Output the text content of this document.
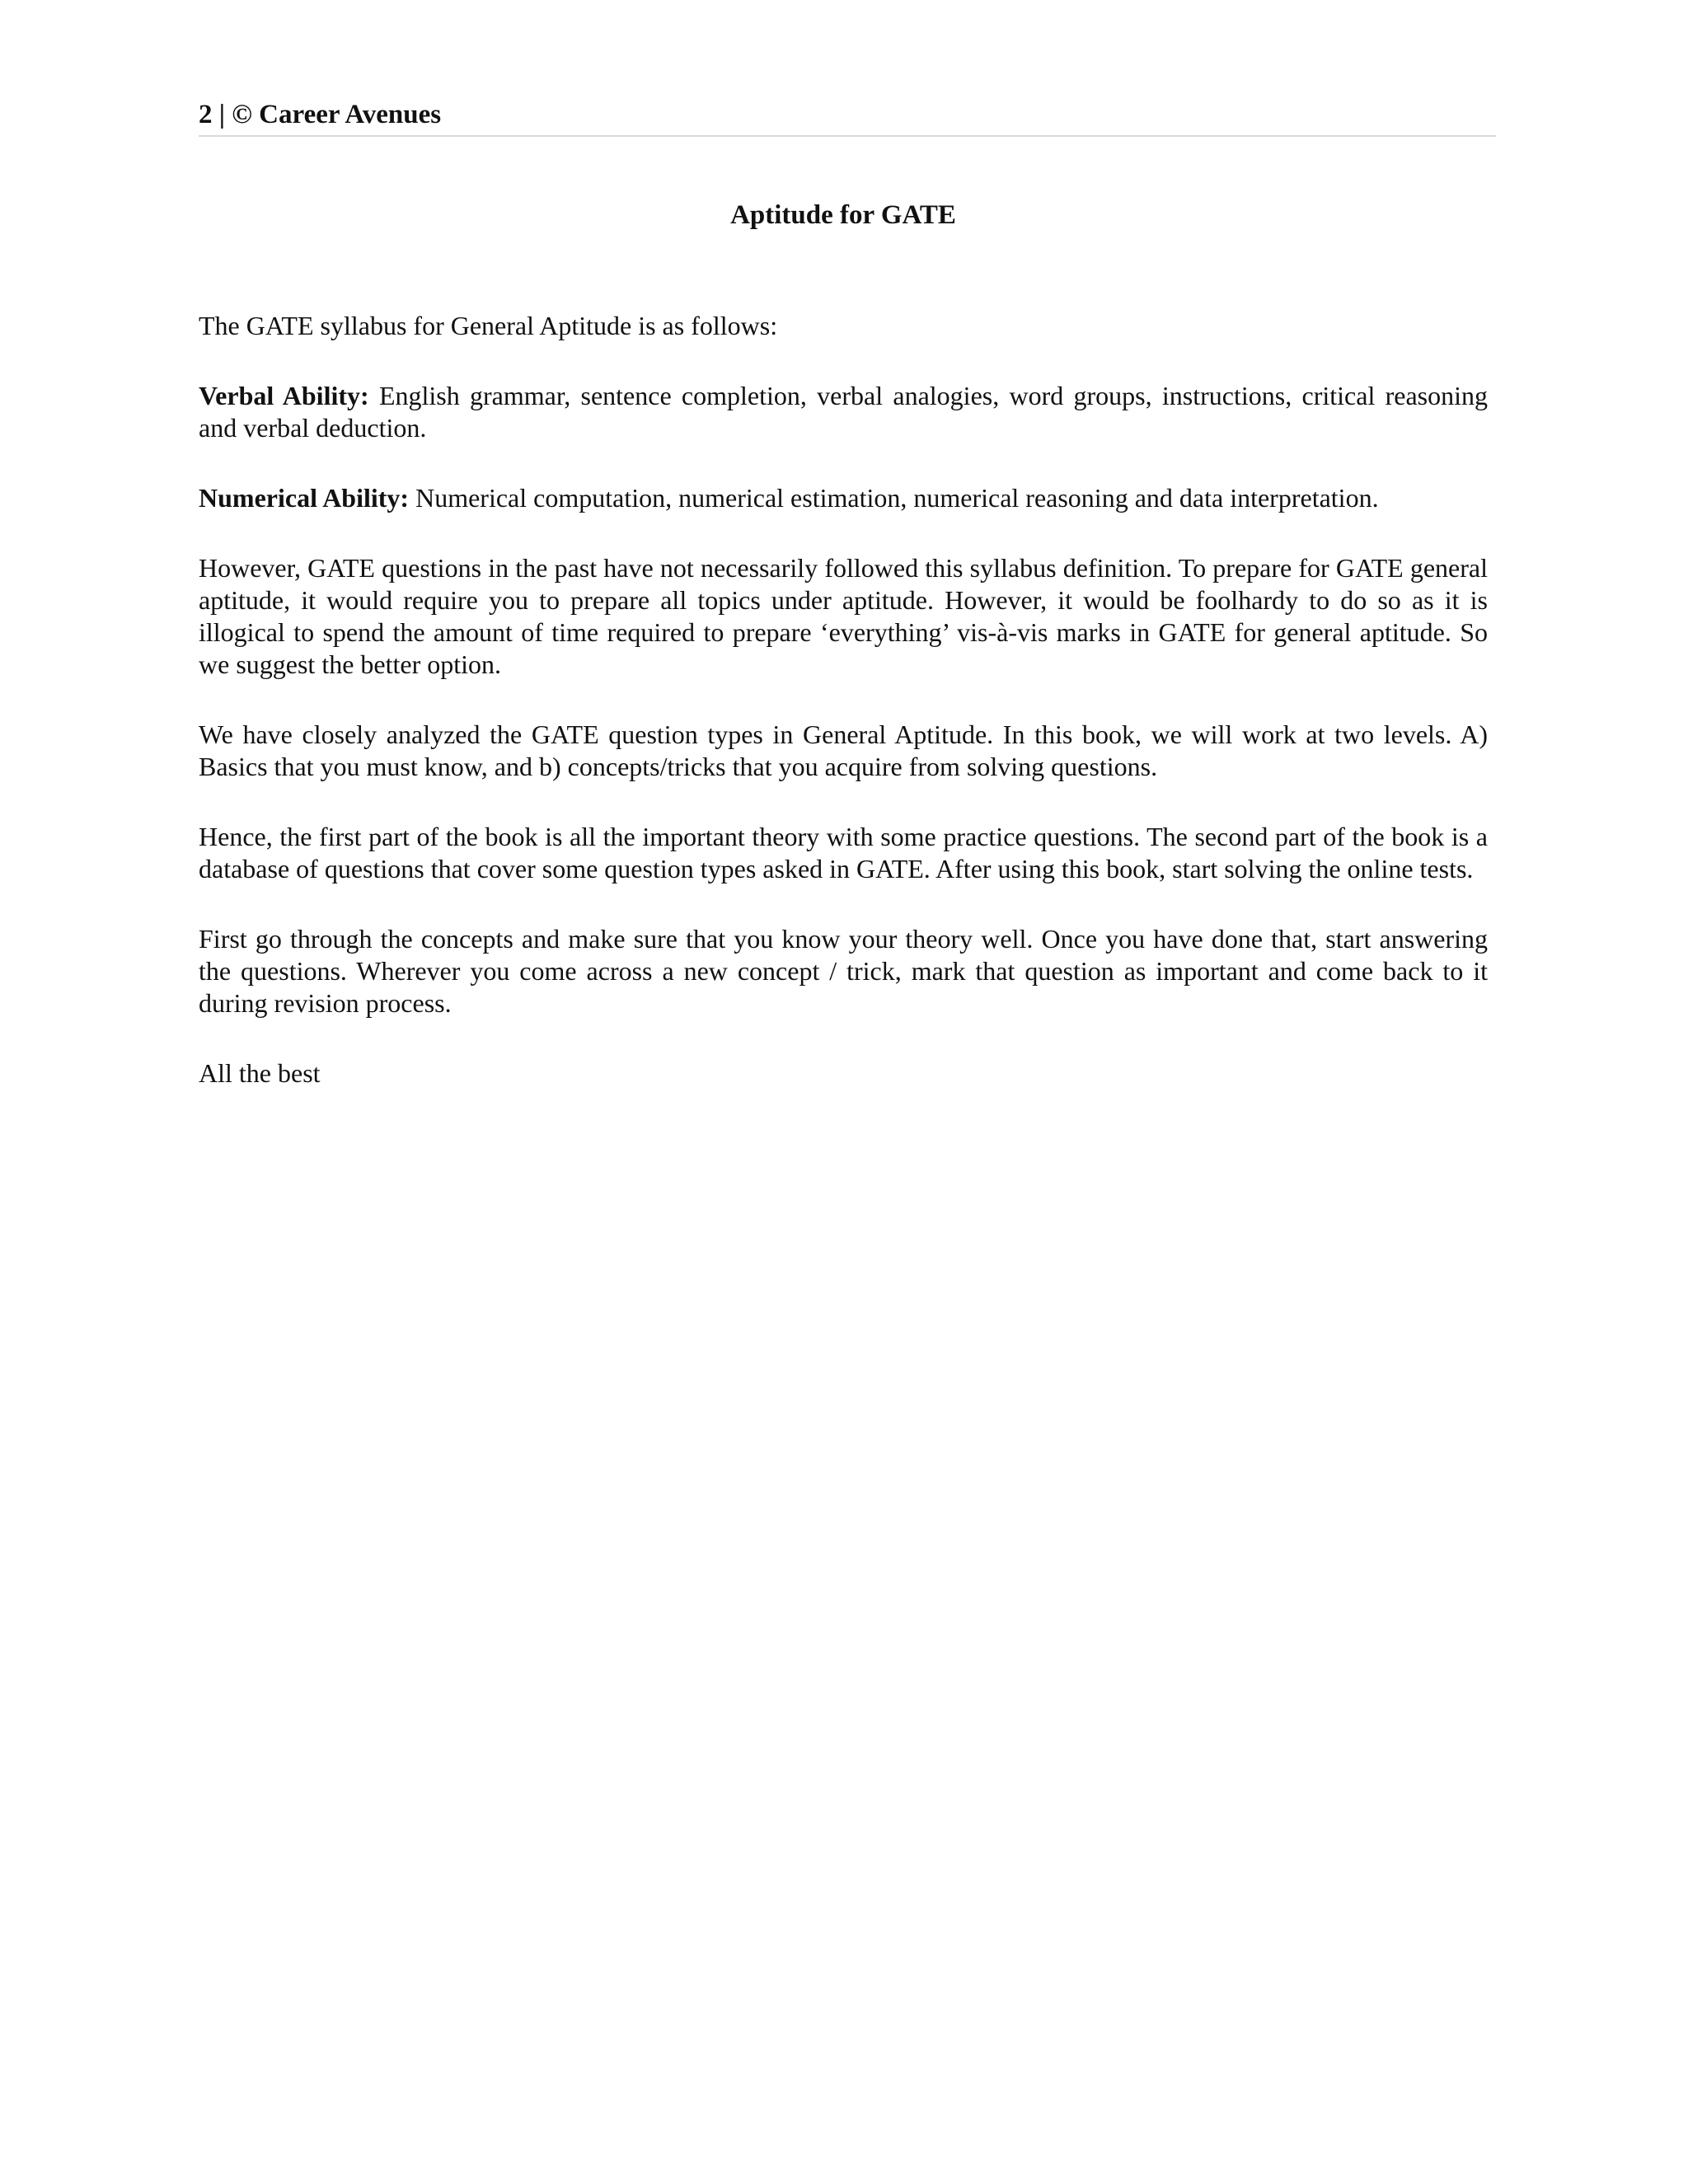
2 | © Career Avenues
Aptitude for GATE

The GATE syllabus for General Aptitude is as follows:

Verbal Ability: English grammar, sentence completion, verbal analogies, word groups, instructions, critical reasoning and verbal deduction.

Numerical Ability: Numerical computation, numerical estimation, numerical reasoning and data interpretation.

However, GATE questions in the past have not necessarily followed this syllabus definition. To prepare for GATE general aptitude, it would require you to prepare all topics under aptitude. However, it would be foolhardy to do so as it is illogical to spend the amount of time required to prepare ‘everything’ vis-à-vis marks in GATE for general aptitude. So we suggest the better option.

We have closely analyzed the GATE question types in General Aptitude. In this book, we will work at two levels. A) Basics that you must know, and b) concepts/tricks that you acquire from solving questions.

Hence, the first part of the book is all the important theory with some practice questions. The second part of the book is a database of questions that cover some question types asked in GATE. After using this book, start solving the online tests.

First go through the concepts and make sure that you know your theory well. Once you have done that, start answering the questions. Wherever you come across a new concept / trick, mark that question as important and come back to it during revision process.

All the best
